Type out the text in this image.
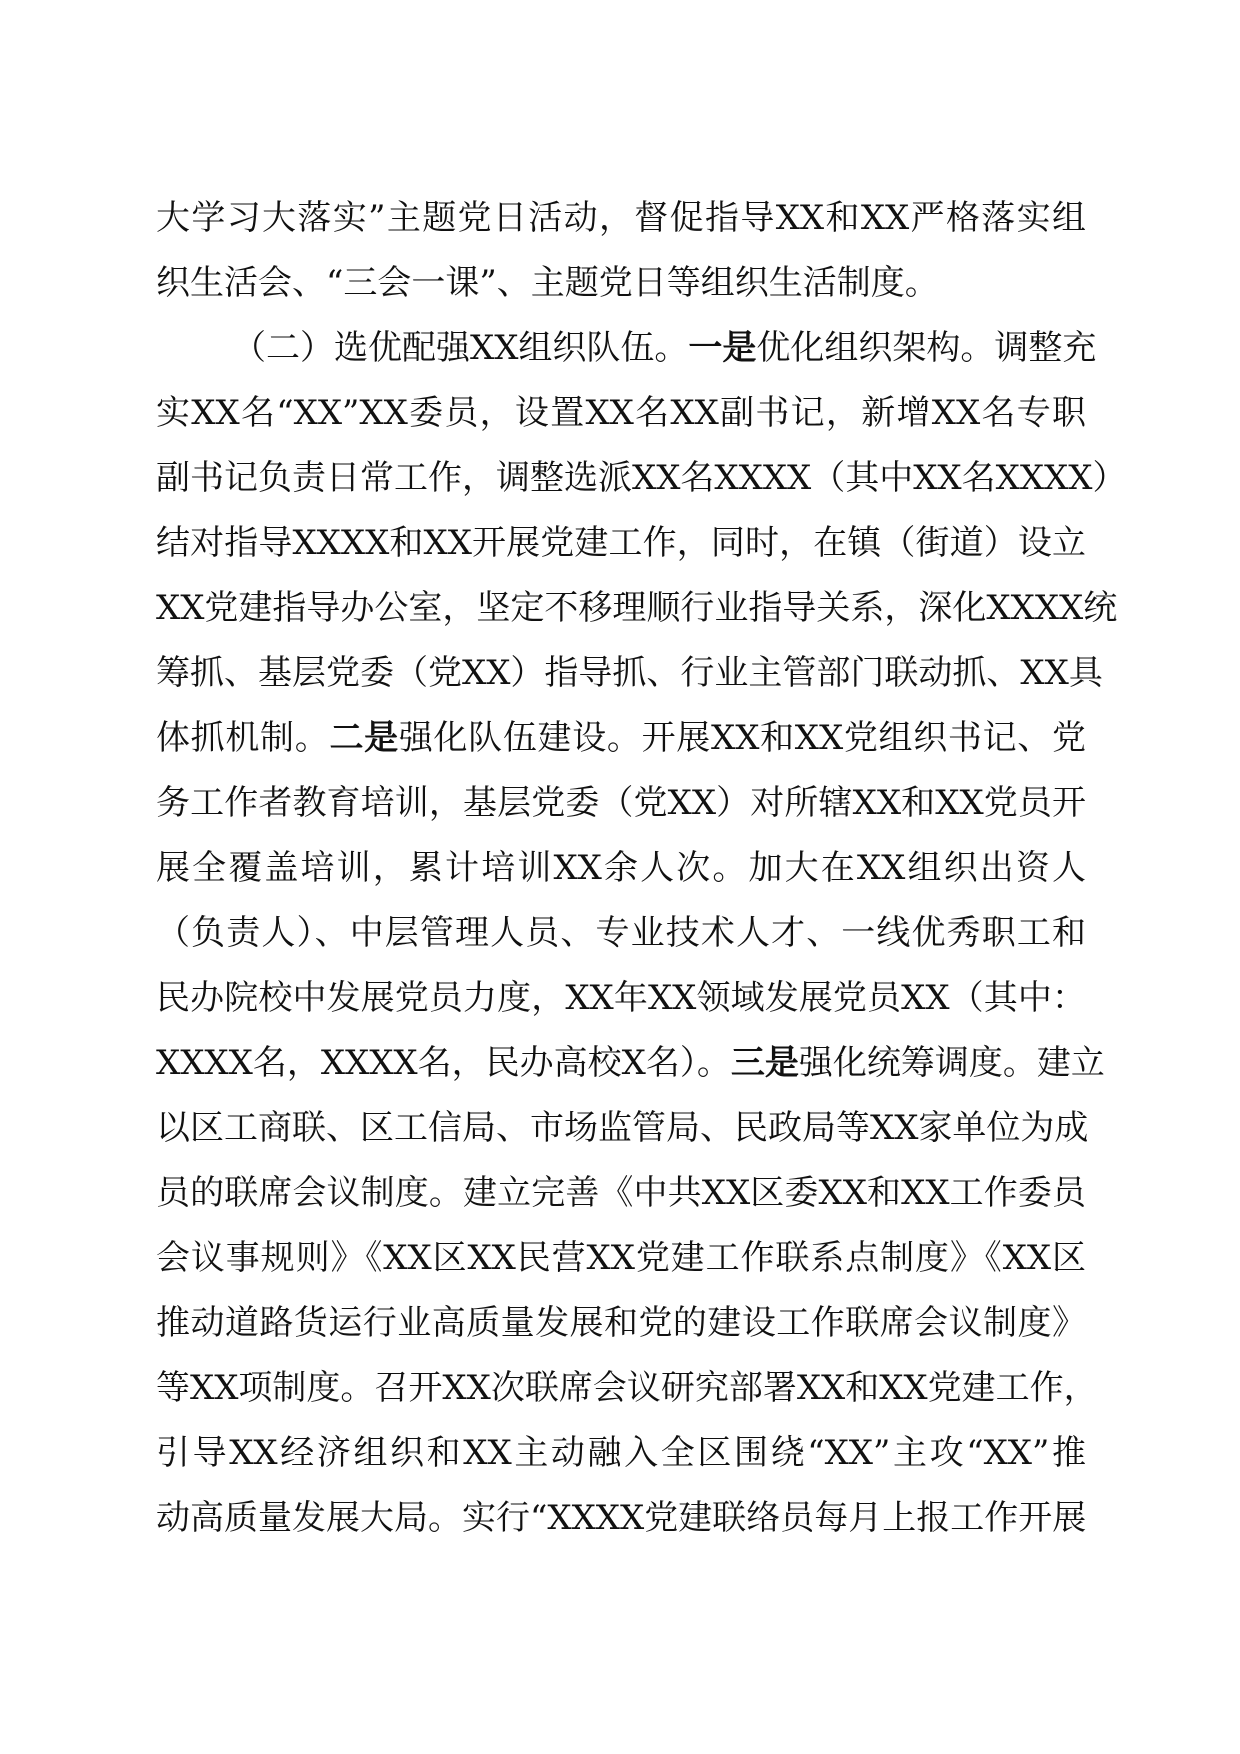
大学习大落实”主题党日活动，督促指导XX和XX严格落实组
织生活会、“三会一课”、主题党日等组织生活制度。
（二）选优配强XX组织队伍。一是优化组织架构。调整充
实XX名“XX”XX委员，设置XX名XX副书记，新增XX名专职
副书记负责日常工作，调整选派XX名XXXX（其中XX名XXXX）
结对指导XXXX和XX开展党建工作，同时，在镇（街道）设立
XX党建指导办公室，坚定不移理顺行业指导关系，深化XXXX统
筹抓、基层党委（党XX）指导抓、行业主管部门联动抓、XX具
体抓机制。二是强化队伍建设。开展XX和XX党组织书记、党
务工作者教育培训，基层党委（党XX）对所辖XX和XX党员开
展全覆盖培训，累计培训XX余人次。加大在XX组织出资人
（负责人）、中层管理人员、专业技术人才、一线优秀职工和
民办院校中发展党员力度，XX年XX领域发展党员XX（其中：
XXXX名，XXXX名，民办高校X名）。三是强化统筹调度。建立
以区工商联、区工信局、市场监管局、民政局等XX家单位为成
员的联席会议制度。建立完善《中共XX区委XX和XX工作委员
会议事规则》《XX区XX民营XX党建工作联系点制度》《XX区
推动道路货运行业高质量发展和党的建设工作联席会议制度》
等XX项制度。召开XX次联席会议研究部署XX和XX党建工作，
引导XX经济组织和XX主动融入全区围绕“XX”主攻“XX”推
动高质量发展大局。实行“XXXX党建联络员每月上报工作开展
